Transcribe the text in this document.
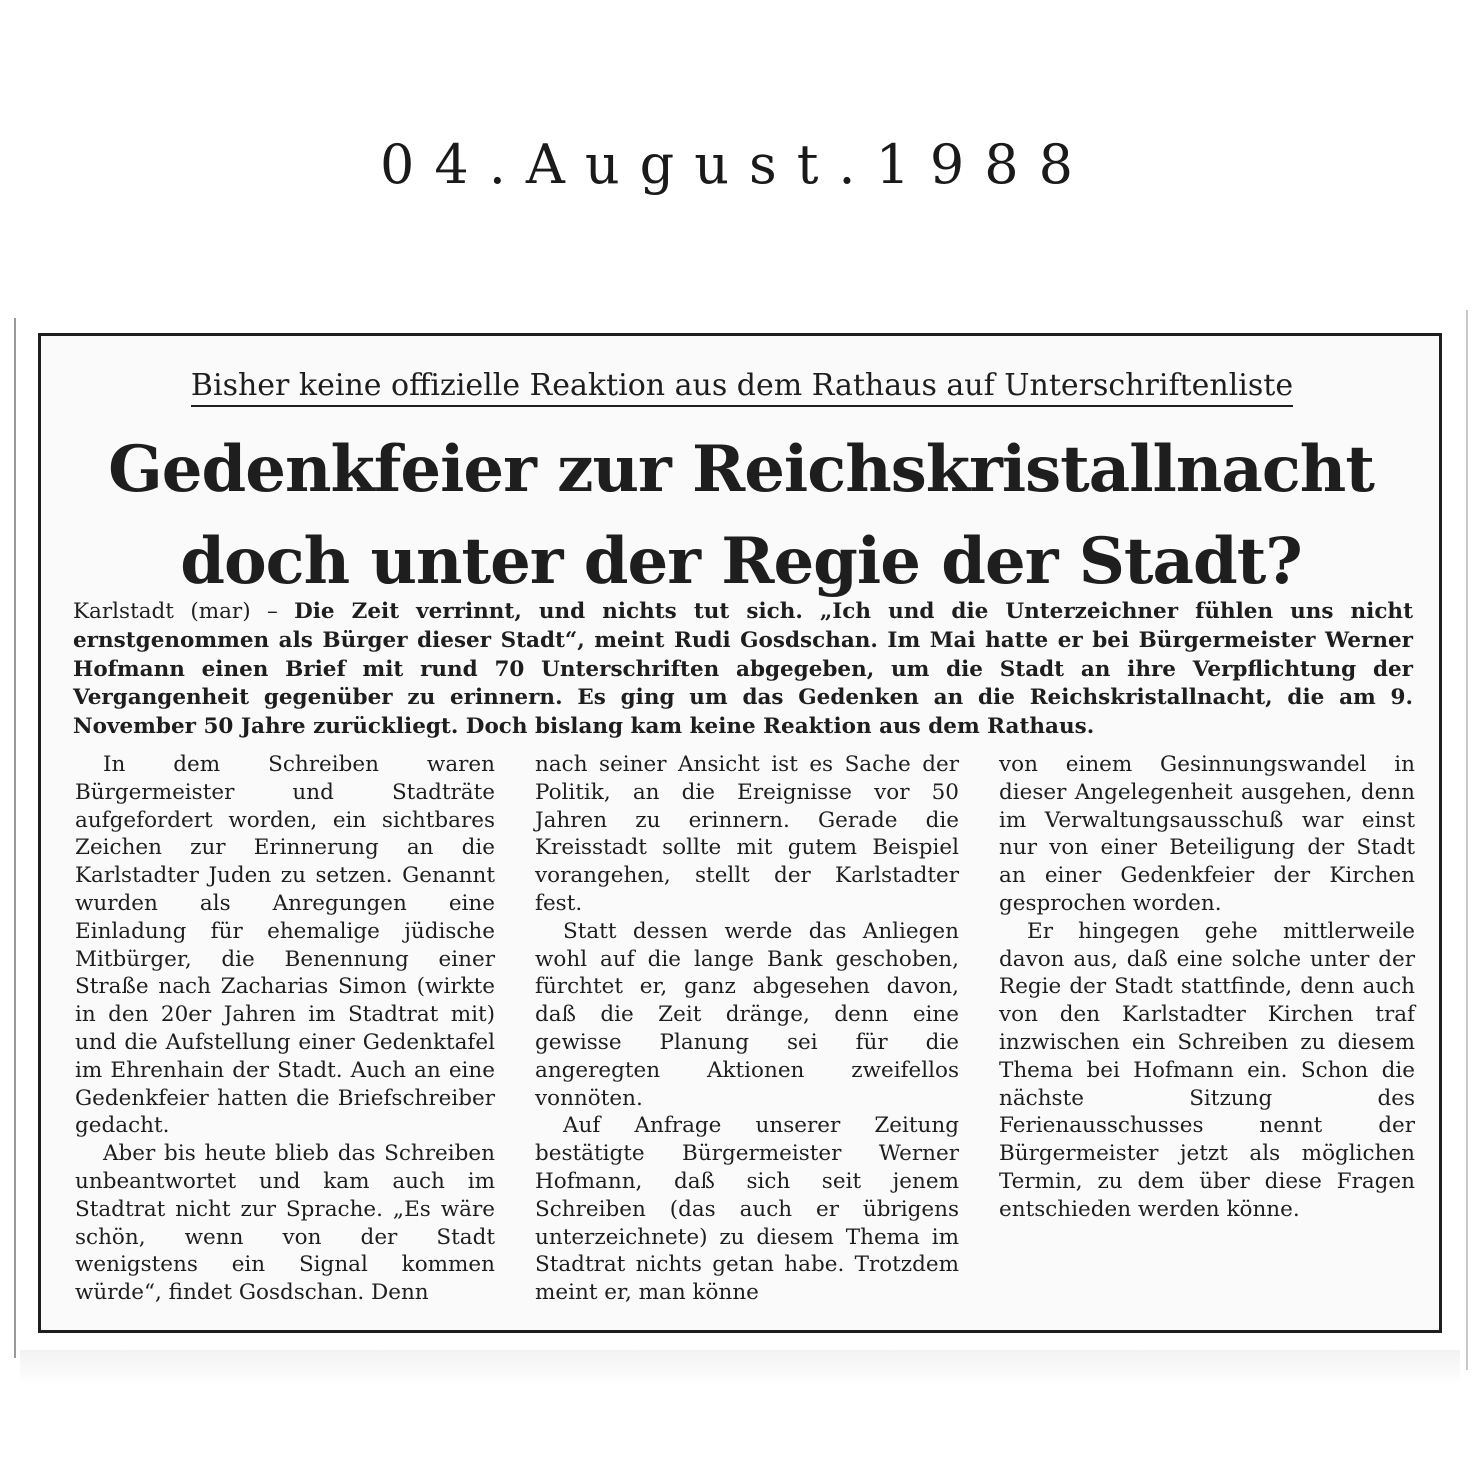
04.August.1988
Bisher keine offizielle Reaktion aus dem Rathaus auf Unterschriftenliste
Gedenkfeier zur Reichskristallnacht
doch unter der Regie der Stadt?
Karlstadt (mar) – Die Zeit verrinnt, und nichts tut sich. „Ich und die Unterzeichner fühlen uns nicht ernstgenommen als Bürger dieser Stadt“, meint Rudi Gosdschan. Im Mai hatte er bei Bürgermeister Werner Hofmann einen Brief mit rund 70 Unterschriften abgegeben, um die Stadt an ihre Verpflichtung der Vergangenheit gegenüber zu erinnern. Es ging um das Gedenken an die Reichskristallnacht, die am 9. November 50 Jahre zurückliegt. Doch bislang kam keine Reaktion aus dem Rathaus.

In dem Schreiben waren Bürgermeister und Stadträte aufgefordert worden, ein sichtbares Zeichen zur Erinnerung an die Karlstadter Juden zu setzen. Genannt wurden als Anregungen eine Einladung für ehemalige jüdische Mitbürger, die Benennung einer Straße nach Zacharias Simon (wirkte in den 20er Jahren im Stadtrat mit) und die Aufstellung einer Gedenktafel im Ehrenhain der Stadt. Auch an eine Gedenkfeier hatten die Briefschreiber gedacht.

Aber bis heute blieb das Schreiben unbeantwortet und kam auch im Stadtrat nicht zur Sprache. „Es wäre schön, wenn von der Stadt wenigstens ein Signal kommen würde“, findet Gosdschan. Denn

nach seiner Ansicht ist es Sache der Politik, an die Ereignisse vor 50 Jahren zu erinnern. Gerade die Kreisstadt sollte mit gutem Beispiel vorangehen, stellt der Karlstadter fest.

Statt dessen werde das Anliegen wohl auf die lange Bank geschoben, fürchtet er, ganz abgesehen davon, daß die Zeit dränge, denn eine gewisse Planung sei für die angeregten Aktionen zweifellos vonnöten.

Auf Anfrage unserer Zeitung bestätigte Bürgermeister Werner Hofmann, daß sich seit jenem Schreiben (das auch er übrigens unterzeichnete) zu diesem Thema im Stadtrat nichts getan habe. Trotzdem meint er, man könne

von einem Gesinnungswandel in dieser Angelegenheit ausgehen, denn im Verwaltungsausschuß war einst nur von einer Beteiligung der Stadt an einer Gedenkfeier der Kirchen gesprochen worden.

Er hingegen gehe mittlerweile davon aus, daß eine solche unter der Regie der Stadt stattfinde, denn auch von den Karlstadter Kirchen traf inzwischen ein Schreiben zu diesem Thema bei Hofmann ein. Schon die nächste Sitzung des Ferienausschusses nennt der Bürgermeister jetzt als möglichen Termin, zu dem über diese Fragen entschieden werden könne.
